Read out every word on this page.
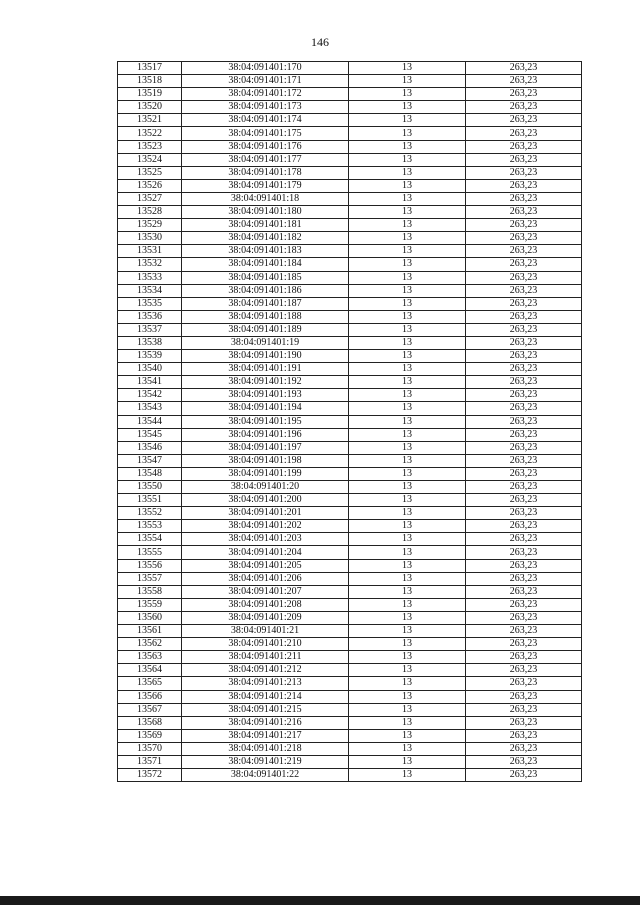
146
13517	38:04:091401:170	13	263,23
13518	38:04:091401:171	13	263,23
13519	38:04:091401:172	13	263,23
13520	38:04:091401:173	13	263,23
13521	38:04:091401:174	13	263,23
13522	38:04:091401:175	13	263,23
13523	38:04:091401:176	13	263,23
13524	38:04:091401:177	13	263,23
13525	38:04:091401:178	13	263,23
13526	38:04:091401:179	13	263,23
13527	38:04:091401:18	13	263,23
13528	38:04:091401:180	13	263,23
13529	38:04:091401:181	13	263,23
13530	38:04:091401:182	13	263,23
13531	38:04:091401:183	13	263,23
13532	38:04:091401:184	13	263,23
13533	38:04:091401:185	13	263,23
13534	38:04:091401:186	13	263,23
13535	38:04:091401:187	13	263,23
13536	38:04:091401:188	13	263,23
13537	38:04:091401:189	13	263,23
13538	38:04:091401:19	13	263,23
13539	38:04:091401:190	13	263,23
13540	38:04:091401:191	13	263,23
13541	38:04:091401:192	13	263,23
13542	38:04:091401:193	13	263,23
13543	38:04:091401:194	13	263,23
13544	38:04:091401:195	13	263,23
13545	38:04:091401:196	13	263,23
13546	38:04:091401:197	13	263,23
13547	38:04:091401:198	13	263,23
13548	38:04:091401:199	13	263,23
13550	38:04:091401:20	13	263,23
13551	38:04:091401:200	13	263,23
13552	38:04:091401:201	13	263,23
13553	38:04:091401:202	13	263,23
13554	38:04:091401:203	13	263,23
13555	38:04:091401:204	13	263,23
13556	38:04:091401:205	13	263,23
13557	38:04:091401:206	13	263,23
13558	38:04:091401:207	13	263,23
13559	38:04:091401:208	13	263,23
13560	38:04:091401:209	13	263,23
13561	38:04:091401:21	13	263,23
13562	38:04:091401:210	13	263,23
13563	38:04:091401:211	13	263,23
13564	38:04:091401:212	13	263,23
13565	38:04:091401:213	13	263,23
13566	38:04:091401:214	13	263,23
13567	38:04:091401:215	13	263,23
13568	38:04:091401:216	13	263,23
13569	38:04:091401:217	13	263,23
13570	38:04:091401:218	13	263,23
13571	38:04:091401:219	13	263,23
13572	38:04:091401:22	13	263,23
